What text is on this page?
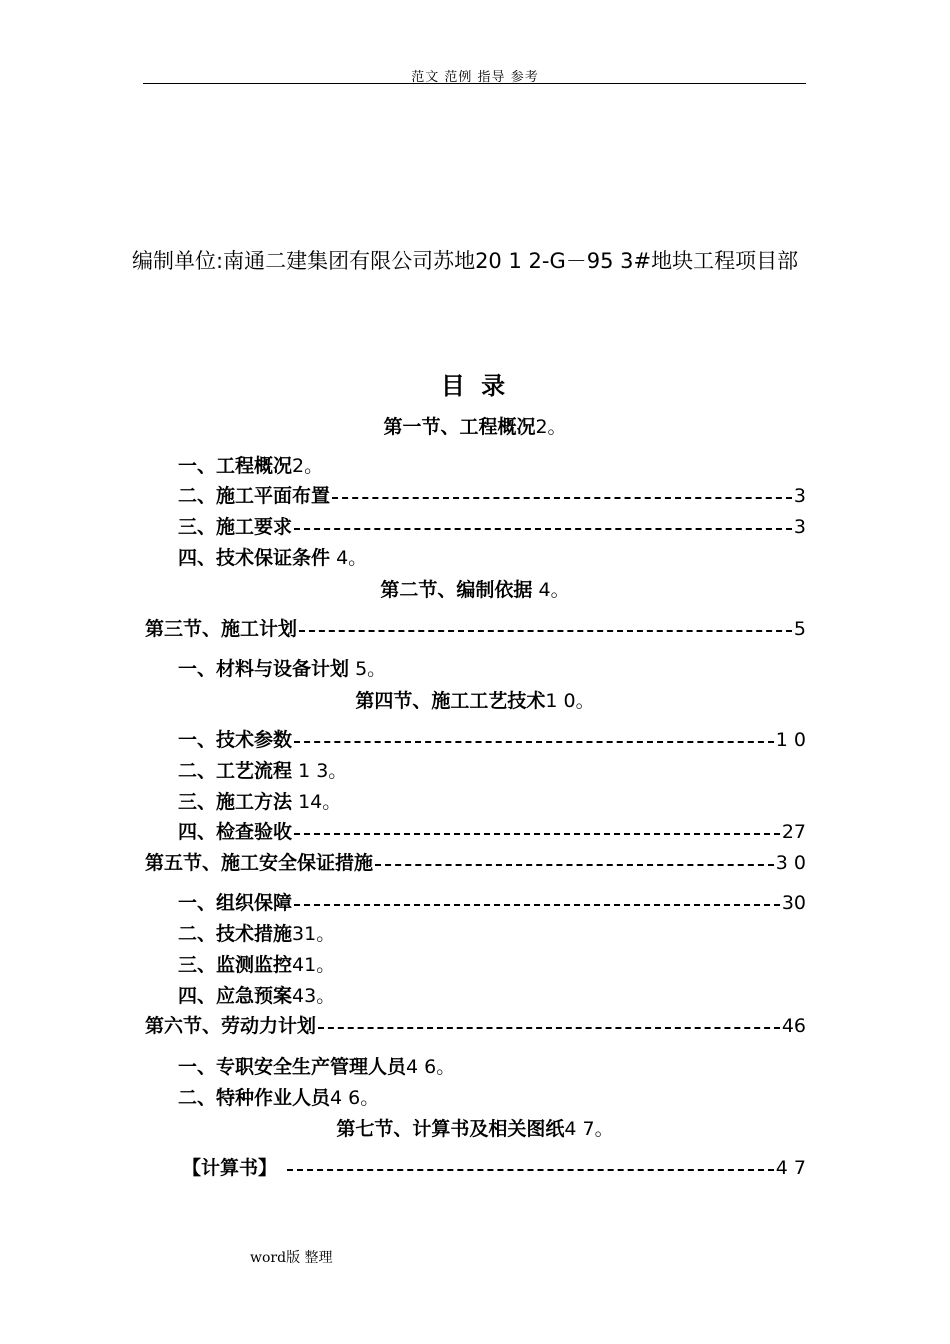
范文 范例 指导 参考
编制单位:南通二建集团有限公司苏地20 1 2-G－95 3#地块工程项目部
目 录
第一节、工程概况2。
一、工程概况2。
二、施工平面布置	3
三、施工要求	3
四、技术保证条件 4。
第二节、编制依据 4。
第三节、施工计划	5
一、材料与设备计划 5。
第四节、施工工艺技术1 0。
一、技术参数	1 0
二、工艺流程 1 3。
三、施工方法 14。
四、检查验收	27
第五节、施工安全保证措施	3 0
一、组织保障	30
二、技术措施31。
三、监测监控41。
四、应急预案43。
第六节、劳动力计划	46
一、专职安全生产管理人员4 6。
二、特种作业人员4 6。
第七节、计算书及相关图纸4 7。
【计算书】	4 7
word版 整理
